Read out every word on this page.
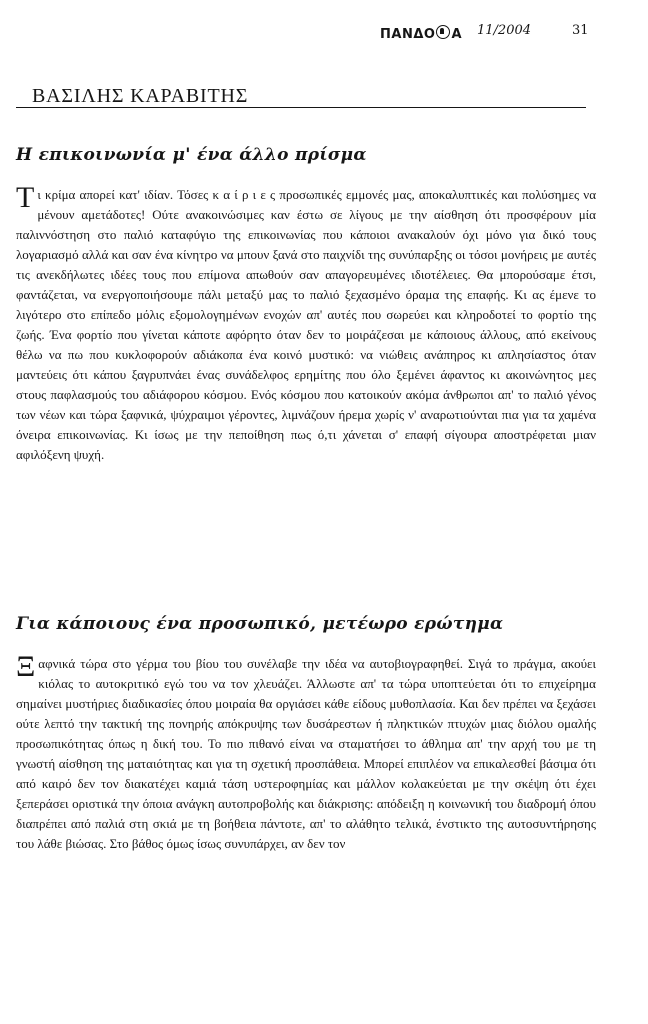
ΠΑΝΔΟ Α 11/2004	31
ΒΑΣΙΛΗΣ ΚΑΡΑΒΙΤΗΣ
Η επικοινωνία μ' ένα άλλο πρίσμα

Τι κρίμα απορεί κατ' ιδίαν. Τόσες κ α ί ρ ι ε ς προσωπικές εμμονές μας, αποκαλυπτικές και πολύσημες να μένουν αμετάδοτες! Ούτε ανακοινώσιμες καν έστω σε λίγους με την αίσθηση ότι προσφέρουν μία παλιννόστηση στο παλιό καταφύγιο της επικοινωνίας που κάποιοι ανακαλούν όχι μόνο για δικό τους λογαριασμό αλλά και σαν ένα κίνητρο να μπουν ξανά στο παιχνίδι της συνύπαρξης οι τόσοι μονήρεις με αυτές τις ανεκδήλωτες ιδέες τους που επίμονα απωθούν σαν απαγορευμένες ιδιοτέλειες. Θα μπορούσαμε έτσι, φαντάζεται, να ενεργοποιήσουμε πάλι μεταξύ μας το παλιό ξεχασμένο όραμα της επαφής. Κι ας έμενε το λιγότερο στο επίπεδο μόλις εξομολογημένων ενοχών απ' αυτές που σωρεύει και κληροδοτεί το φορτίο της ζωής. Ένα φορτίο που γίνεται κάποτε αφόρητο όταν δεν το μοιράζεσαι με κάποιους άλλους, από εκείνους θέλω να πω που κυκλοφορούν αδιάκοπα ένα κοινό μυστικό: να νιώθεις ανάπηρος κι απλησίαστος όταν μαντεύεις ότι κάπου ξαγρυπνάει ένας συνάδελφος ερημίτης που όλο ξεμένει άφαντος κι ακοινώνητος μες στους παφλασμούς του αδιάφορου κόσμου. Ενός κόσμου που κατοικούν ακόμα άνθρωποι απ' το παλιό γένος των νέων και τώρα ξαφνικά, ψύχραιμοι γέροντες, λιμνάζουν ήρεμα χωρίς ν' αναρωτιούνται πια για τα χαμένα όνειρα επικοινωνίας. Κι ίσως με την πεποίθηση πως ό,τι χάνεται σ' επαφή σίγουρα αποστρέφεται μιαν αφιλόξενη ψυχή.

Για κάποιους ένα προσωπικό, μετέωρο ερώτημα

Ξαφνικά τώρα στο γέρμα του βίου του συνέλαβε την ιδέα να αυτοβιογραφηθεί. Σιγά το πράγμα, ακούει κιόλας το αυτοκριτικό εγώ του να τον χλευάζει. Άλλωστε απ' τα τώρα υποπτεύεται ότι το επιχείρημα σημαίνει μυστήριες διαδικασίες όπου μοιραία θα οργιάσει κάθε είδους μυθοπλασία. Και δεν πρέπει να ξεχάσει ούτε λεπτό την τακτική της πονηρής απόκρυψης των δυσάρεστων ή πληκτικών πτυχών μιας διόλου ομαλής προσωπικότητας όπως η δική του. Το πιο πιθανό είναι να σταματήσει το άθλημα απ' την αρχή του με τη γνωστή αίσθηση της ματαιότητας και για τη σχετική προσπάθεια. Μπορεί επιπλέον να επικαλεσθεί βάσιμα ότι από καιρό δεν τον διακατέχει καμιά τάση υστεροφημίας και μάλλον κολακεύεται με την σκέψη ότι έχει ξεπεράσει οριστικά την όποια ανάγκη αυτοπροβολής και διάκρισης: απόδειξη η κοινωνική του διαδρομή όπου διαπρέπει από παλιά στη σκιά με τη βοήθεια πάντοτε, απ' το αλάθητο τελικά, ένστικτο της αυτοσυντήρησης του λάθε βιώσας. Στο βάθος όμως ίσως συνυπάρχει, αν δεν τον
